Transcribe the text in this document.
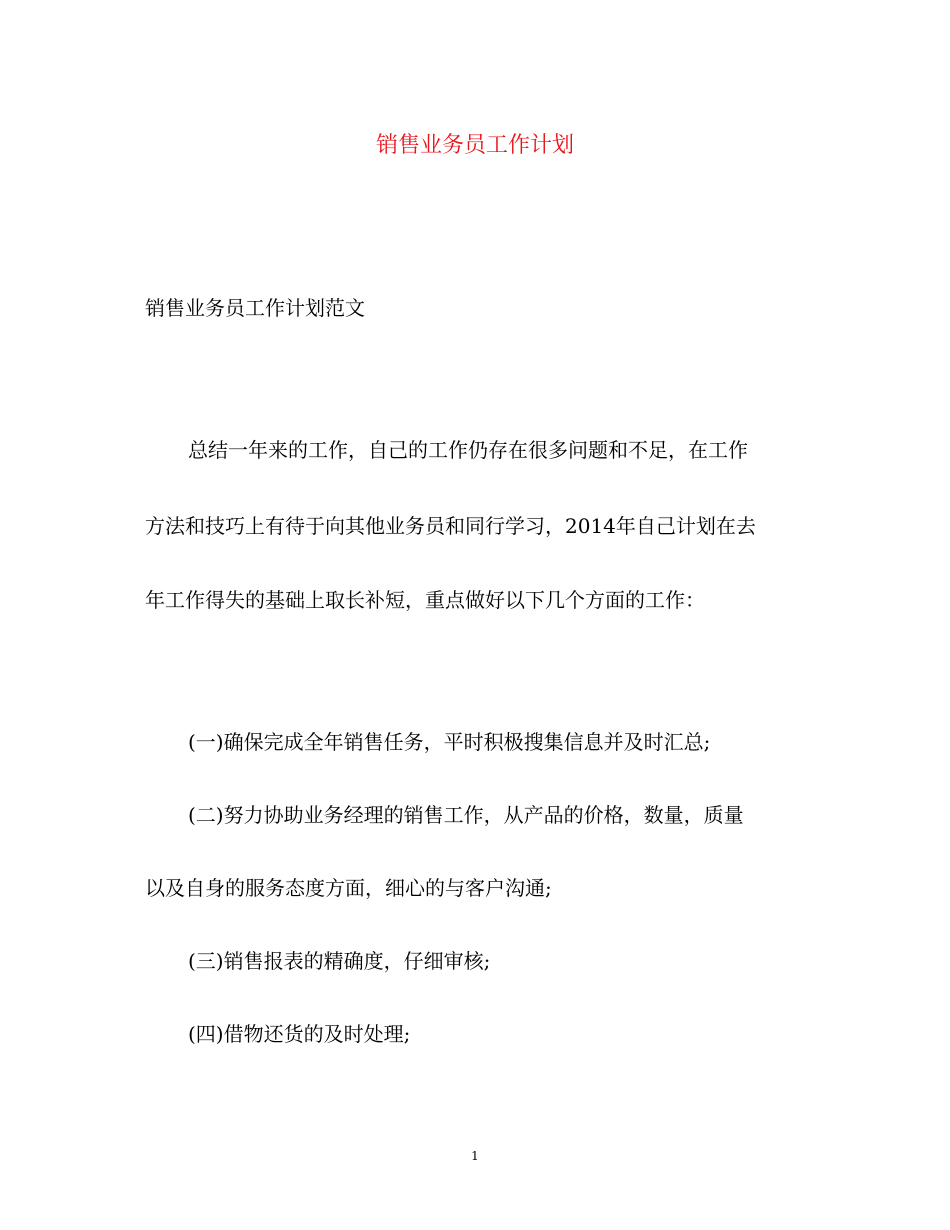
销售业务员工作计划
销售业务员工作计划范文
总结一年来的工作，自己的工作仍存在很多问题和不足，在工作
方法和技巧上有待于向其他业务员和同行学习，2014年自己计划在去
年工作得失的基础上取长补短，重点做好以下几个方面的工作：
(一)确保完成全年销售任务，平时积极搜集信息并及时汇总;
(二)努力协助业务经理的销售工作，从产品的价格，数量，质量
以及自身的服务态度方面，细心的与客户沟通;
(三)销售报表的精确度，仔细审核;
(四)借物还货的及时处理;
1
